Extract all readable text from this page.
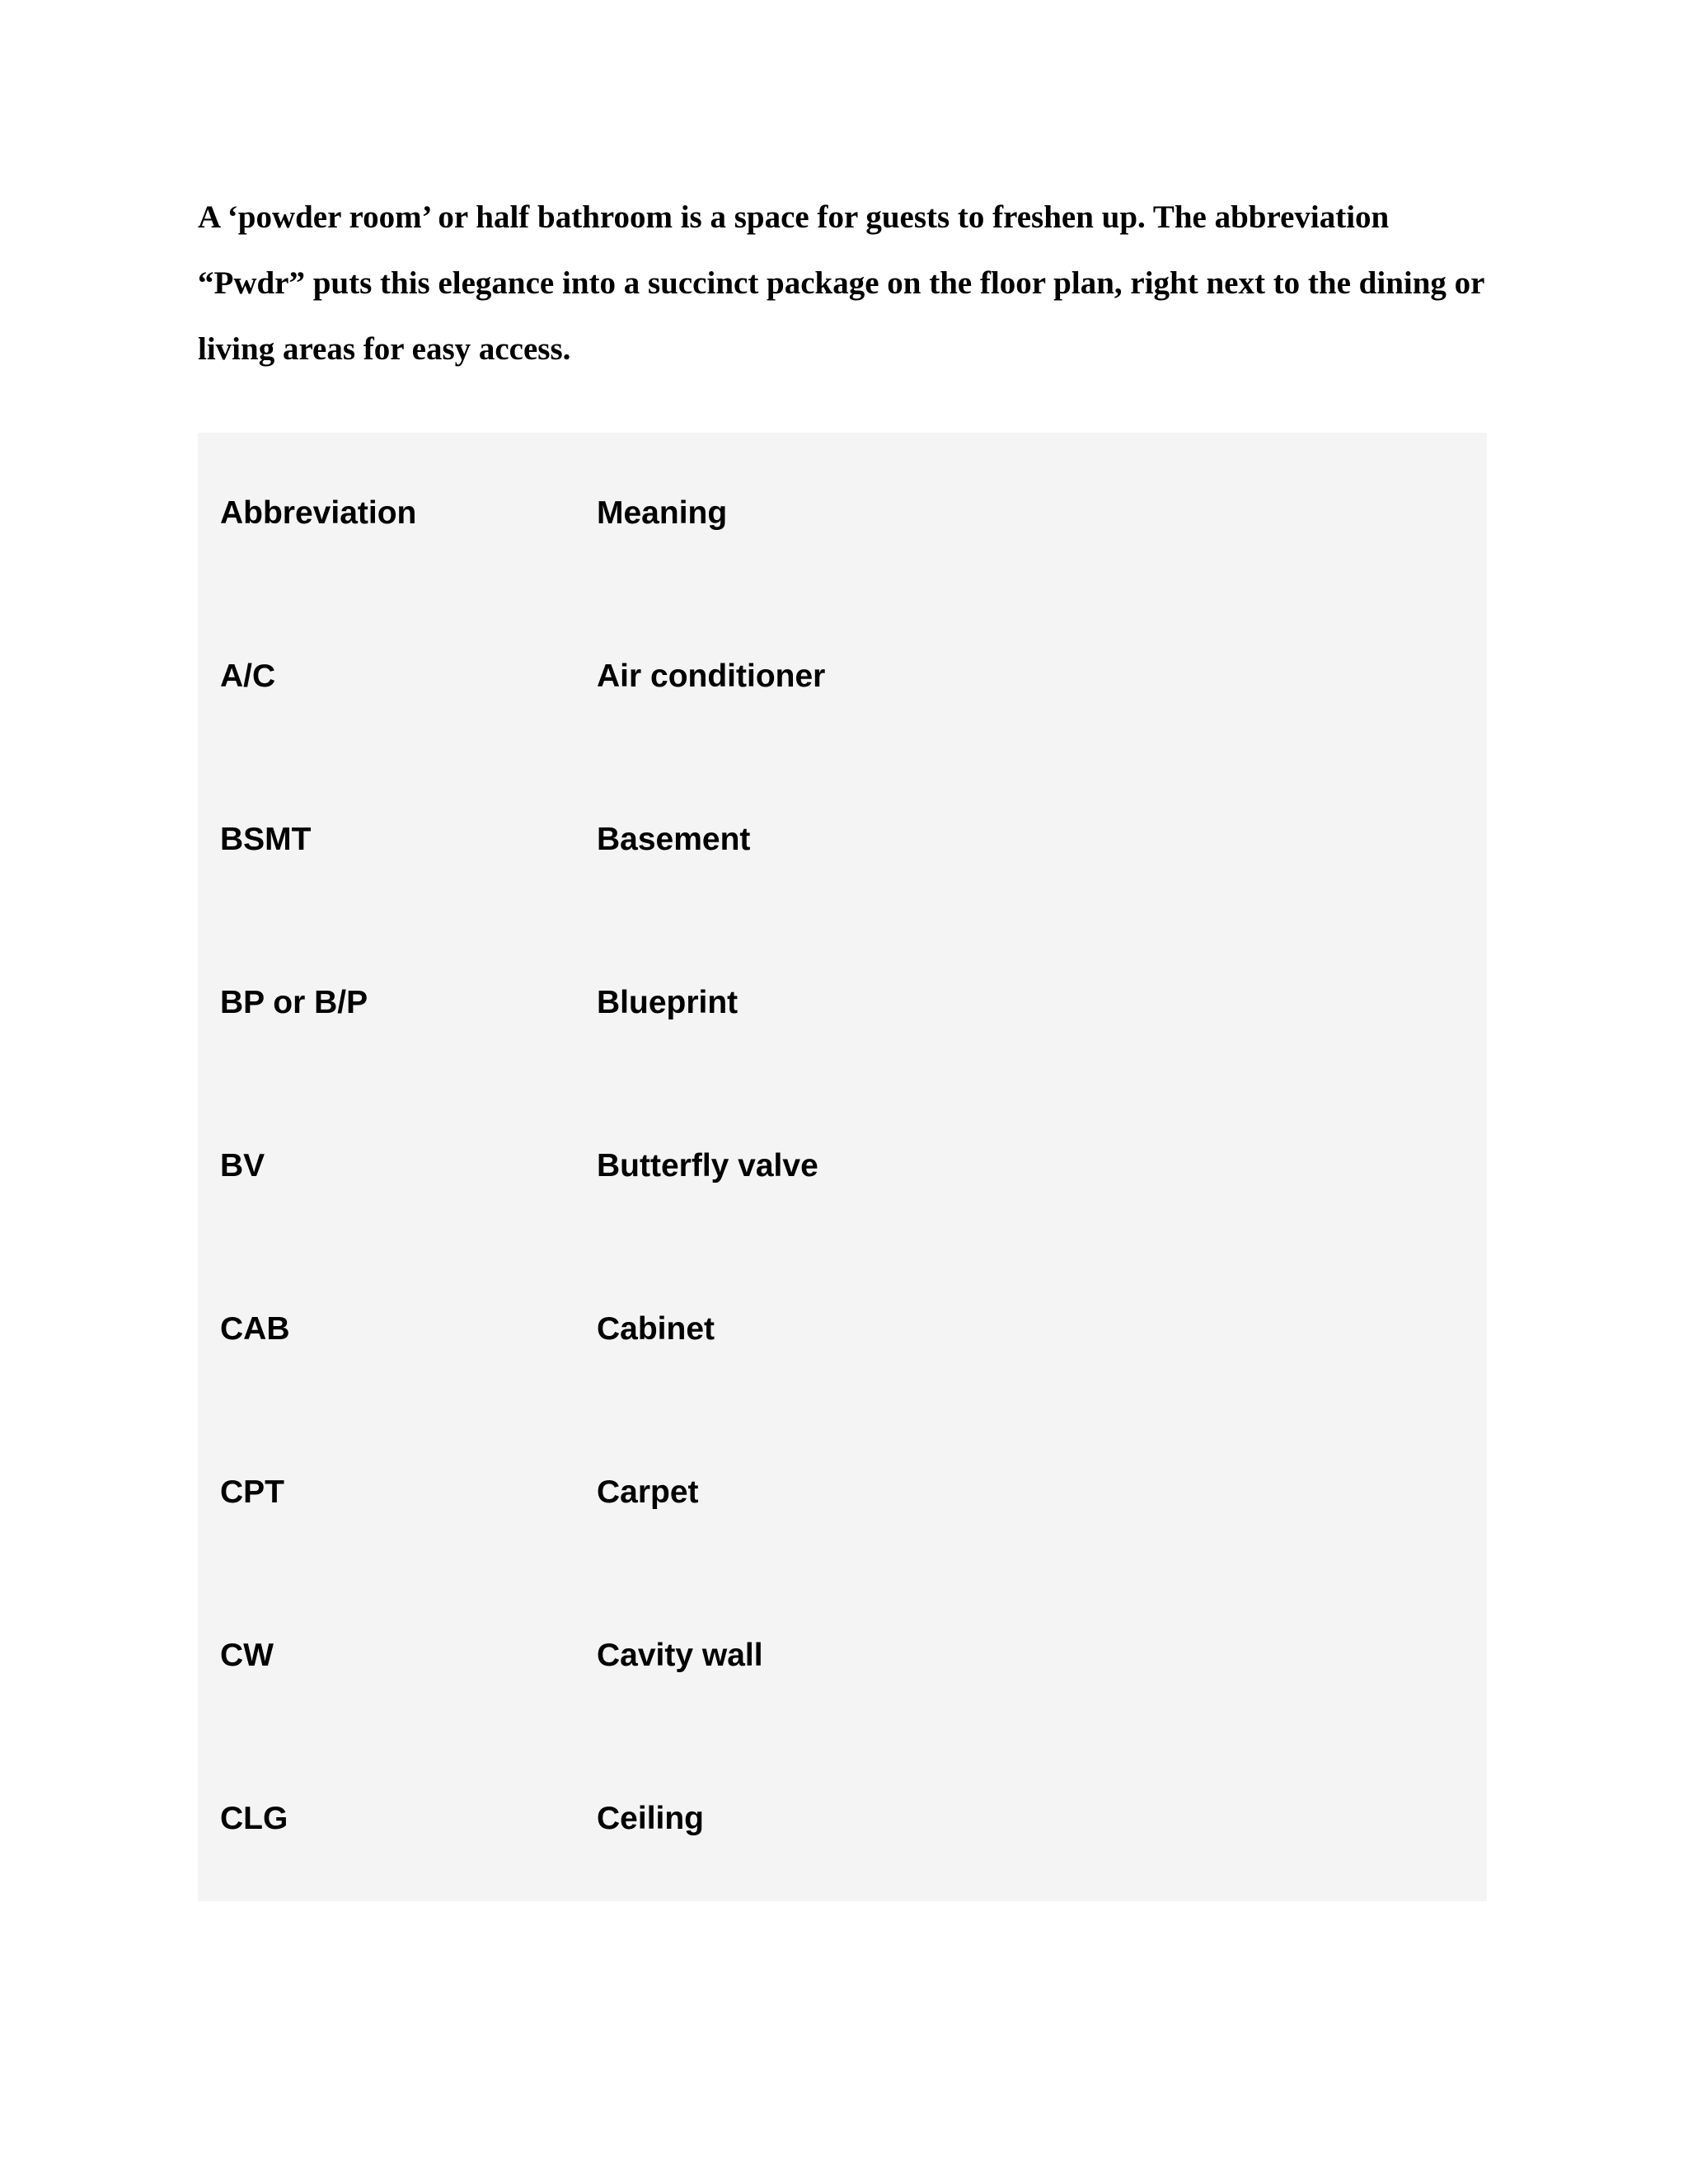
A ‘powder room’ or half bathroom is a space for guests to freshen up. The abbreviation “Pwdr” puts this elegance into a succinct package on the floor plan, right next to the dining or living areas for easy access.

Abbreviation	Meaning
A/C	Air conditioner
BSMT	Basement
BP or B/P	Blueprint
BV	Butterfly valve
CAB	Cabinet
CPT	Carpet
CW	Cavity wall
CLG	Ceiling
